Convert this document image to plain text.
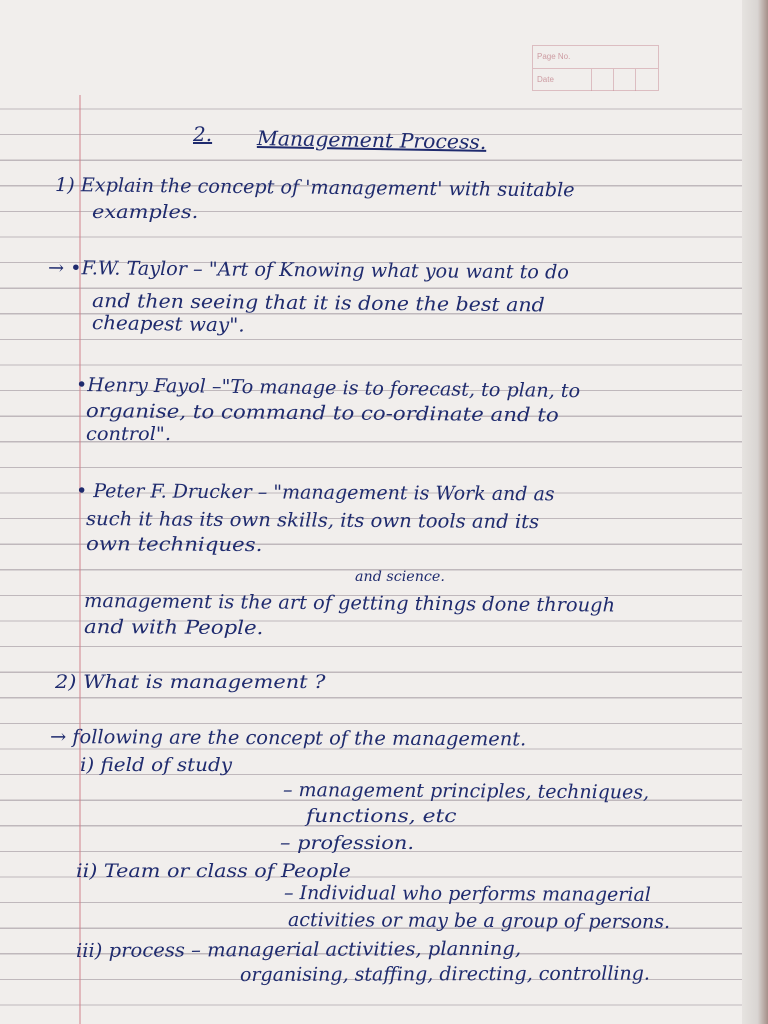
Page No.
Date
2. Management Process.
1) Explain the concept of 'management' with suitable
examples.
→ •F.W. Taylor – "Art of Knowing what you want to do
and then seeing that it is done the best and
cheapest way".
•Henry Fayol –"To manage is to forecast, to plan, to
organise, to command to co-ordinate and to
control".
• Peter F. Drucker – "management is Work and as
such it has its own skills, its own tools and its
own techniques.
and science.
management is the art of getting things done through
and with People.
2) What is management ?
→ following are the concept of the management.
i) field of study
– management principles, techniques,
functions, etc
– profession.
ii) Team or class of People
– Individual who performs managerial
activities or may be a group of persons.
iii) process – managerial activities, planning,
organising, staffing, directing, controlling.
